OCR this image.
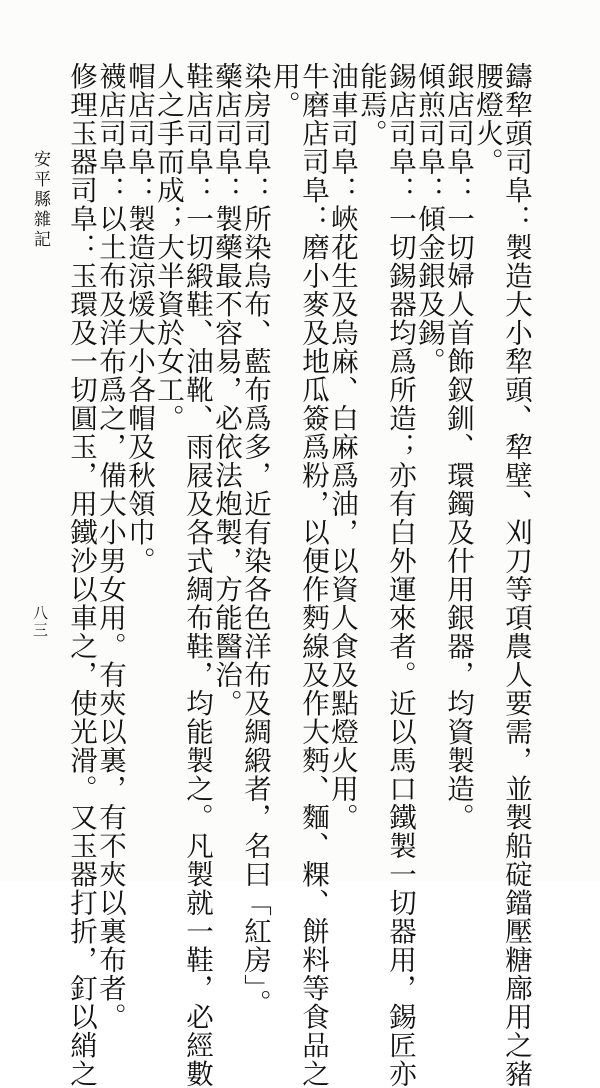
鑄犂頭司阜：製造大小犂頭、犂壁、刈刀等項農人要需，並製船碇鐺壓糖廍用之豬
腰燈火。
銀店司阜：一切婦人首飾釵釧、環鐲及什用銀器，均資製造。
傾煎司阜：傾金銀及錫。
錫店司阜：一切錫器均爲所造；亦有白外運來者。近以馬口鐵製一切器用，錫匠亦
能焉。
油車司阜：峽花生及烏麻、白麻爲油，以資人食及點燈火用。
牛磨店司阜：磨小麥及地瓜簽爲粉，以便作麪線及作大麪、麵、粿、餅料等食品之
用。
染房司阜：所染烏布、藍布爲多，近有染各色洋布及綢緞者，名曰「紅房」。
藥店司阜：製藥最不容易，必依法炮製，方能醫治。
鞋店司阜：一切緞鞋、油靴、雨屐及各式綢布鞋，均能製之。凡製就一鞋，必經數
人之手而成；大半資於女工。
帽店司阜：製造涼煖大小各帽及秋領巾。
襪店司阜：以土布及洋布爲之，備大小男女用。有夾以裏，有不夾以裏布者。
修理玉器司阜：玉環及一切圓玉，用鐵沙以車之，使光滑。又玉器打折，釘以綃之
安平縣雜記
八三
